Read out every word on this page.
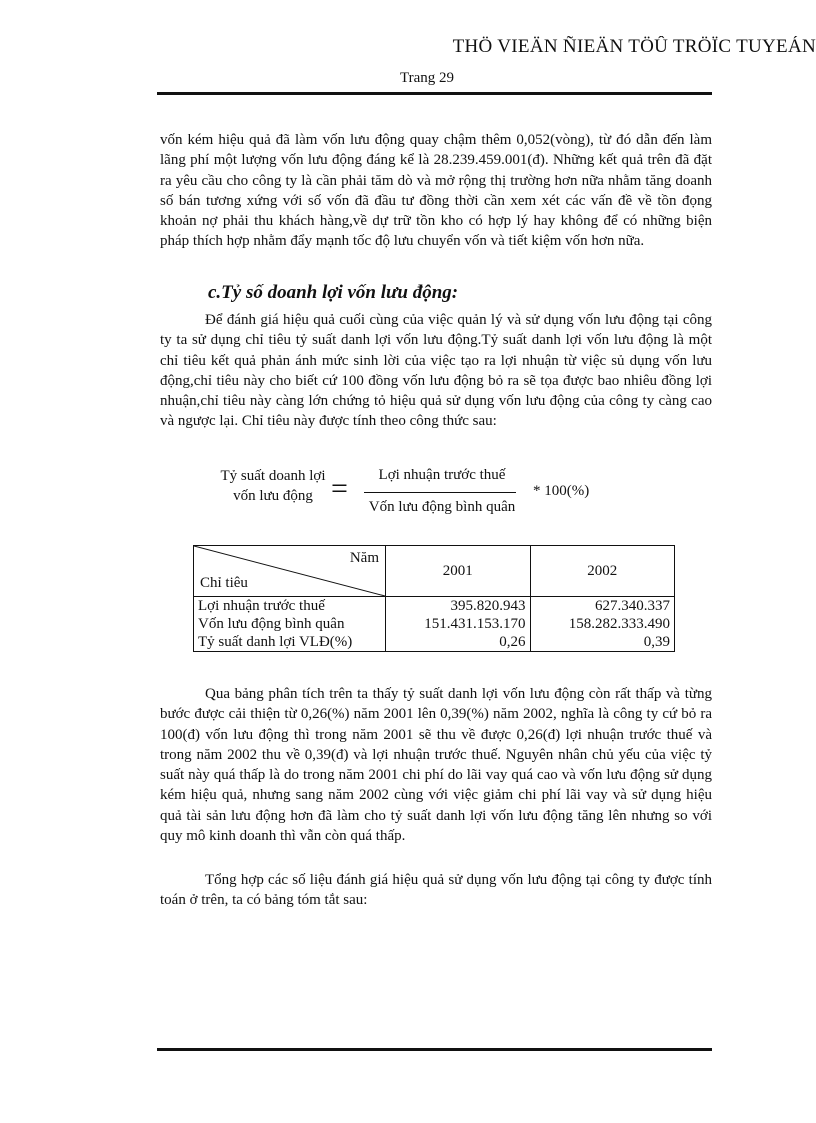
THÖ VIEÄN ÑIEÄN TÖÛ TRÖÏC TUYEÁN
Trang 29

vốn kém hiệu quả đã làm vốn lưu động quay chậm thêm 0,052(vòng), từ đó dẫn đến làm lãng phí một lượng vốn lưu động đáng kể là 28.239.459.001(đ). Những kết quả trên đã đặt ra yêu cầu cho công ty là cần phải tăm dò và mở rộng thị trường hơn nữa nhằm tăng doanh số bán tương xứng với số vốn đã đầu tư đồng thời cần xem xét các vấn đề về tồn đọng khoản nợ phải thu khách hàng,về dự trữ tồn kho có hợp lý hay không để có những biện pháp thích hợp nhằm đẩy mạnh tốc độ lưu chuyển vốn và tiết kiệm vốn hơn nữa.

c.Tỷ số doanh lợi vốn lưu động:

Để đánh giá hiệu quả cuối cùng của việc quản lý và sử dụng vốn lưu động tại công ty ta sử dụng chỉ tiêu tỷ suất danh lợi vốn lưu động.Tỷ suất danh lợi vốn lưu động là một chỉ tiêu kết quả phản ánh mức sinh lời của việc tạo ra lợi nhuận từ việc sủ dụng vốn lưu động,chỉ tiêu này cho biết cứ 100 đồng vốn lưu động bỏ ra sẽ tọa được bao nhiêu đồng lợi nhuận,chỉ tiêu này càng lớn chứng tỏ hiệu quả sử dụng vốn lưu động của công ty càng cao và ngược lại. Chỉ tiêu này được tính theo công thức sau:

Tỷ suất doanh lợi
vốn lưu động =	Lợi nhuận trước thuế
Vốn lưu động bình quân
* 100(%)
Năm
Chỉ tiêu	2001	2002
Lợi nhuận trước thuế	395.820.943	627.340.337
Vốn lưu động bình quân	151.431.153.170	158.282.333.490
Tỷ suất danh lợi VLĐ(%)	0,26	0,39

Qua bảng phân tích trên ta thấy tỷ suất danh lợi vốn lưu động còn rất thấp và từng bước được cải thiện từ 0,26(%) năm 2001 lên 0,39(%) năm 2002, nghĩa là công ty cứ bỏ ra 100(đ) vốn lưu động thì trong năm 2001 sẽ thu về được 0,26(đ) lợi nhuận trước thuế và trong năm 2002 thu về 0,39(đ) và lợi nhuận trước thuế. Nguyên nhân chủ yếu của việc tỷ suất này quá thấp là do trong năm 2001 chi phí do lãi vay quá cao và vốn lưu động sử dụng kém hiệu quả, nhưng sang năm 2002 cùng với việc giảm chi phí lãi vay và sử dụng hiệu quả tài sản lưu động hơn đã làm cho tỷ suất danh lợi vốn lưu động tăng lên nhưng so với quy mô kinh doanh thì vẫn còn quá thấp.

Tổng hợp các số liệu đánh giá hiệu quả sử dụng vốn lưu động tại công ty được tính toán ở trên, ta có bảng tóm tắt sau:
